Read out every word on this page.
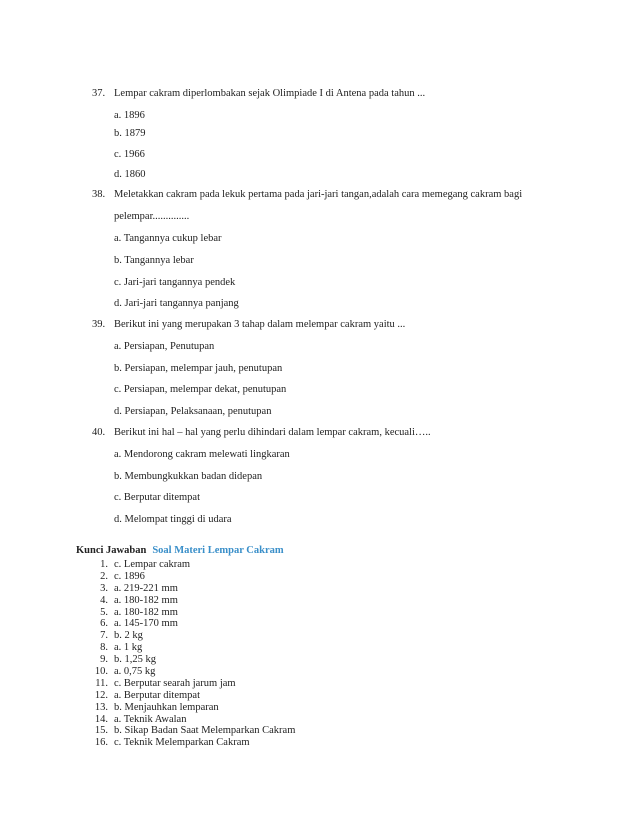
37. Lempar cakram diperlombakan sejak Olimpiade I di Antena pada tahun ...
a. 1896
b. 1879
c. 1966
d. 1860
38. Meletakkan cakram pada lekuk pertama pada jari-jari tangan,adalah cara memegang cakram bagi
pelempar..............
a. Tangannya cukup lebar
b. Tangannya lebar
c. Jari-jari tangannya pendek
d. Jari-jari tangannya panjang
39. Berikut ini yang merupakan 3 tahap dalam melempar cakram yaitu ...
a. Persiapan, Penutupan
b. Persiapan, melempar jauh, penutupan
c. Persiapan, melempar dekat, penutupan
d. Persiapan, Pelaksanaan, penutupan
40. Berikut ini hal – hal yang perlu dihindari dalam lempar cakram, kecuali…..
a. Mendorong cakram melewati lingkaran
b. Membungkukkan badan didepan
c. Berputar ditempat
d. Melompat tinggi di udara
Kunci Jawaban Soal Materi Lempar Cakram
1. c. Lempar cakram
2. c. 1896
3. a. 219-221 mm
4. a. 180-182 mm
5. a. 180-182 mm
6. a. 145-170 mm
7. b. 2 kg
8. a. 1 kg
9. b. 1,25 kg
10. a. 0,75 kg
11. c. Berputar searah jarum jam
12. a. Berputar ditempat
13. b. Menjauhkan lemparan
14. a. Teknik Awalan
15. b. Sikap Badan Saat Melemparkan Cakram
16. c. Teknik Melemparkan Cakram
